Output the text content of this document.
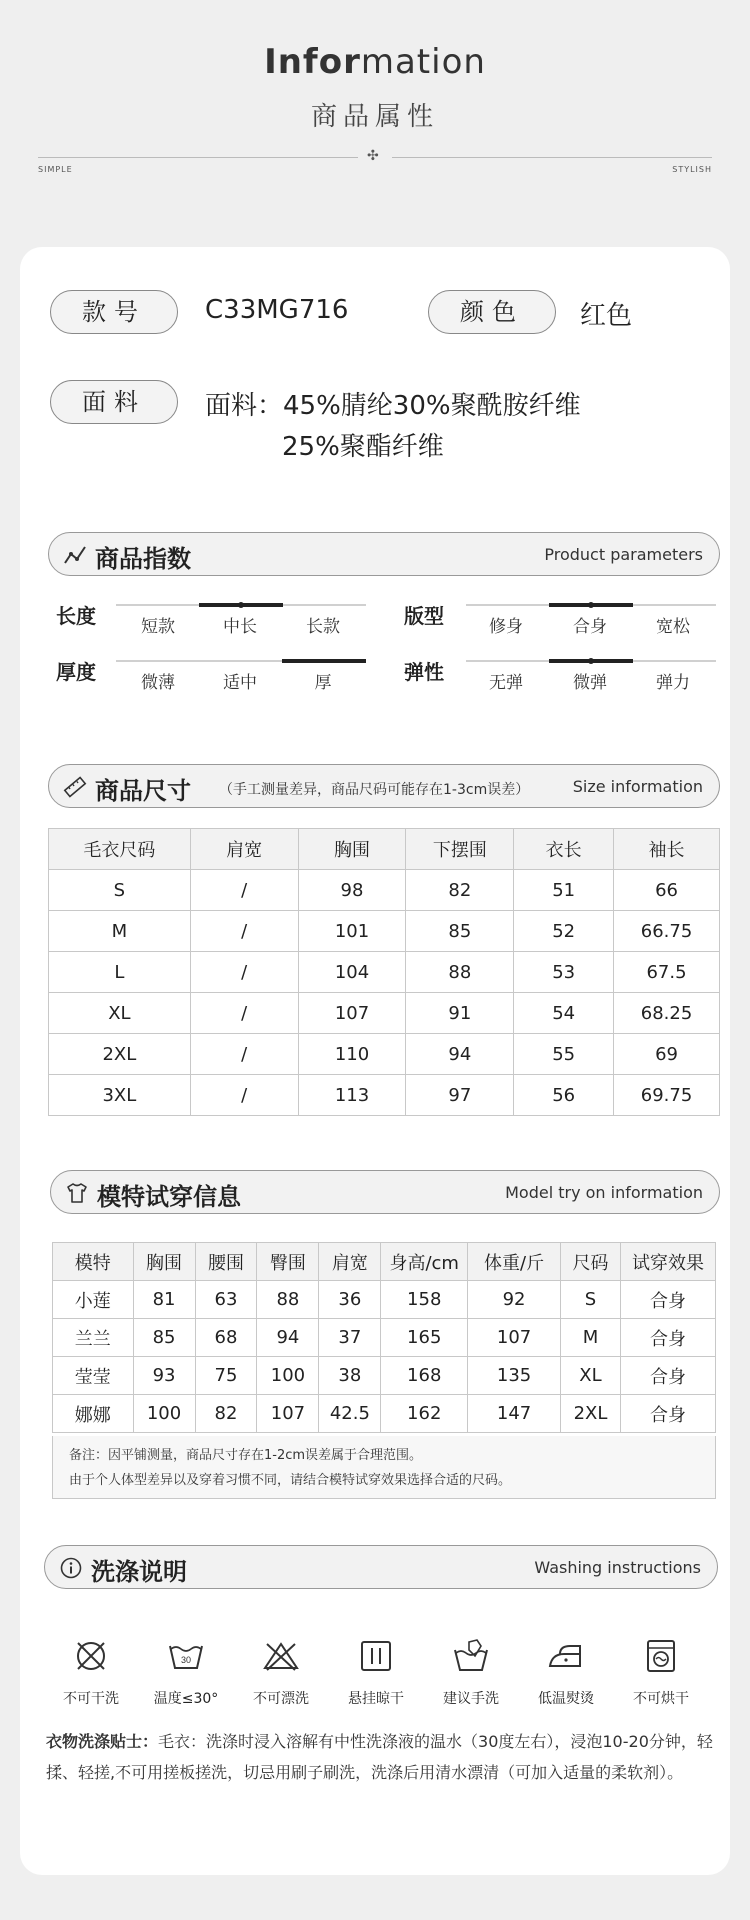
Information
商品属性
✣
SIMPLE	STYLISH
款号	C33MG716	颜色	红色
面料	面料：45%腈纶30%聚酰胺纤维
25%聚酯纤维
商品指数	Product parameters
长度	短款	中长	长款	版型	修身	合身	宽松
厚度	微薄	适中	厚	弹性	无弹	微弹	弹力
商品尺寸 （手工测量差异，商品尺码可能存在1-3cm误差）	Size information
毛衣尺码	肩宽	胸围	下摆围	衣长	袖长
S	/	98	82	51	66
M	/	101	85	52	66.75
L	/	104	88	53	67.5
XL	/	107	91	54	68.25
2XL	/	110	94	55	69
3XL	/	113	97	56	69.75
模特试穿信息	Model try on information
模特	胸围	腰围	臀围	肩宽	身高/cm	体重/斤	尺码	试穿效果
小莲	81	63	88	36	158	92	S	合身
兰兰	85	68	94	37	165	107	M	合身
莹莹	93	75	100	38	168	135	XL	合身
娜娜	100	82	107	42.5	162	147	2XL	合身
备注：因平铺测量，商品尺寸存在1-2cm误差属于合理范围。
由于个人体型差异以及穿着习惯不同，请结合模特试穿效果选择合适的尺码。
洗涤说明	Washing instructions
不可干洗
30
温度≤30°	不可漂洗	悬挂晾干	建议手洗	低温熨烫	不可烘干
衣物洗涤贴士：毛衣：洗涤时浸入溶解有中性洗涤液的温水（30度左右），浸泡10-20分钟，轻揉、轻搓,不可用搓板搓洗，切忌用刷子刷洗，洗涤后用清水漂清（可加入适量的柔软剂）。
